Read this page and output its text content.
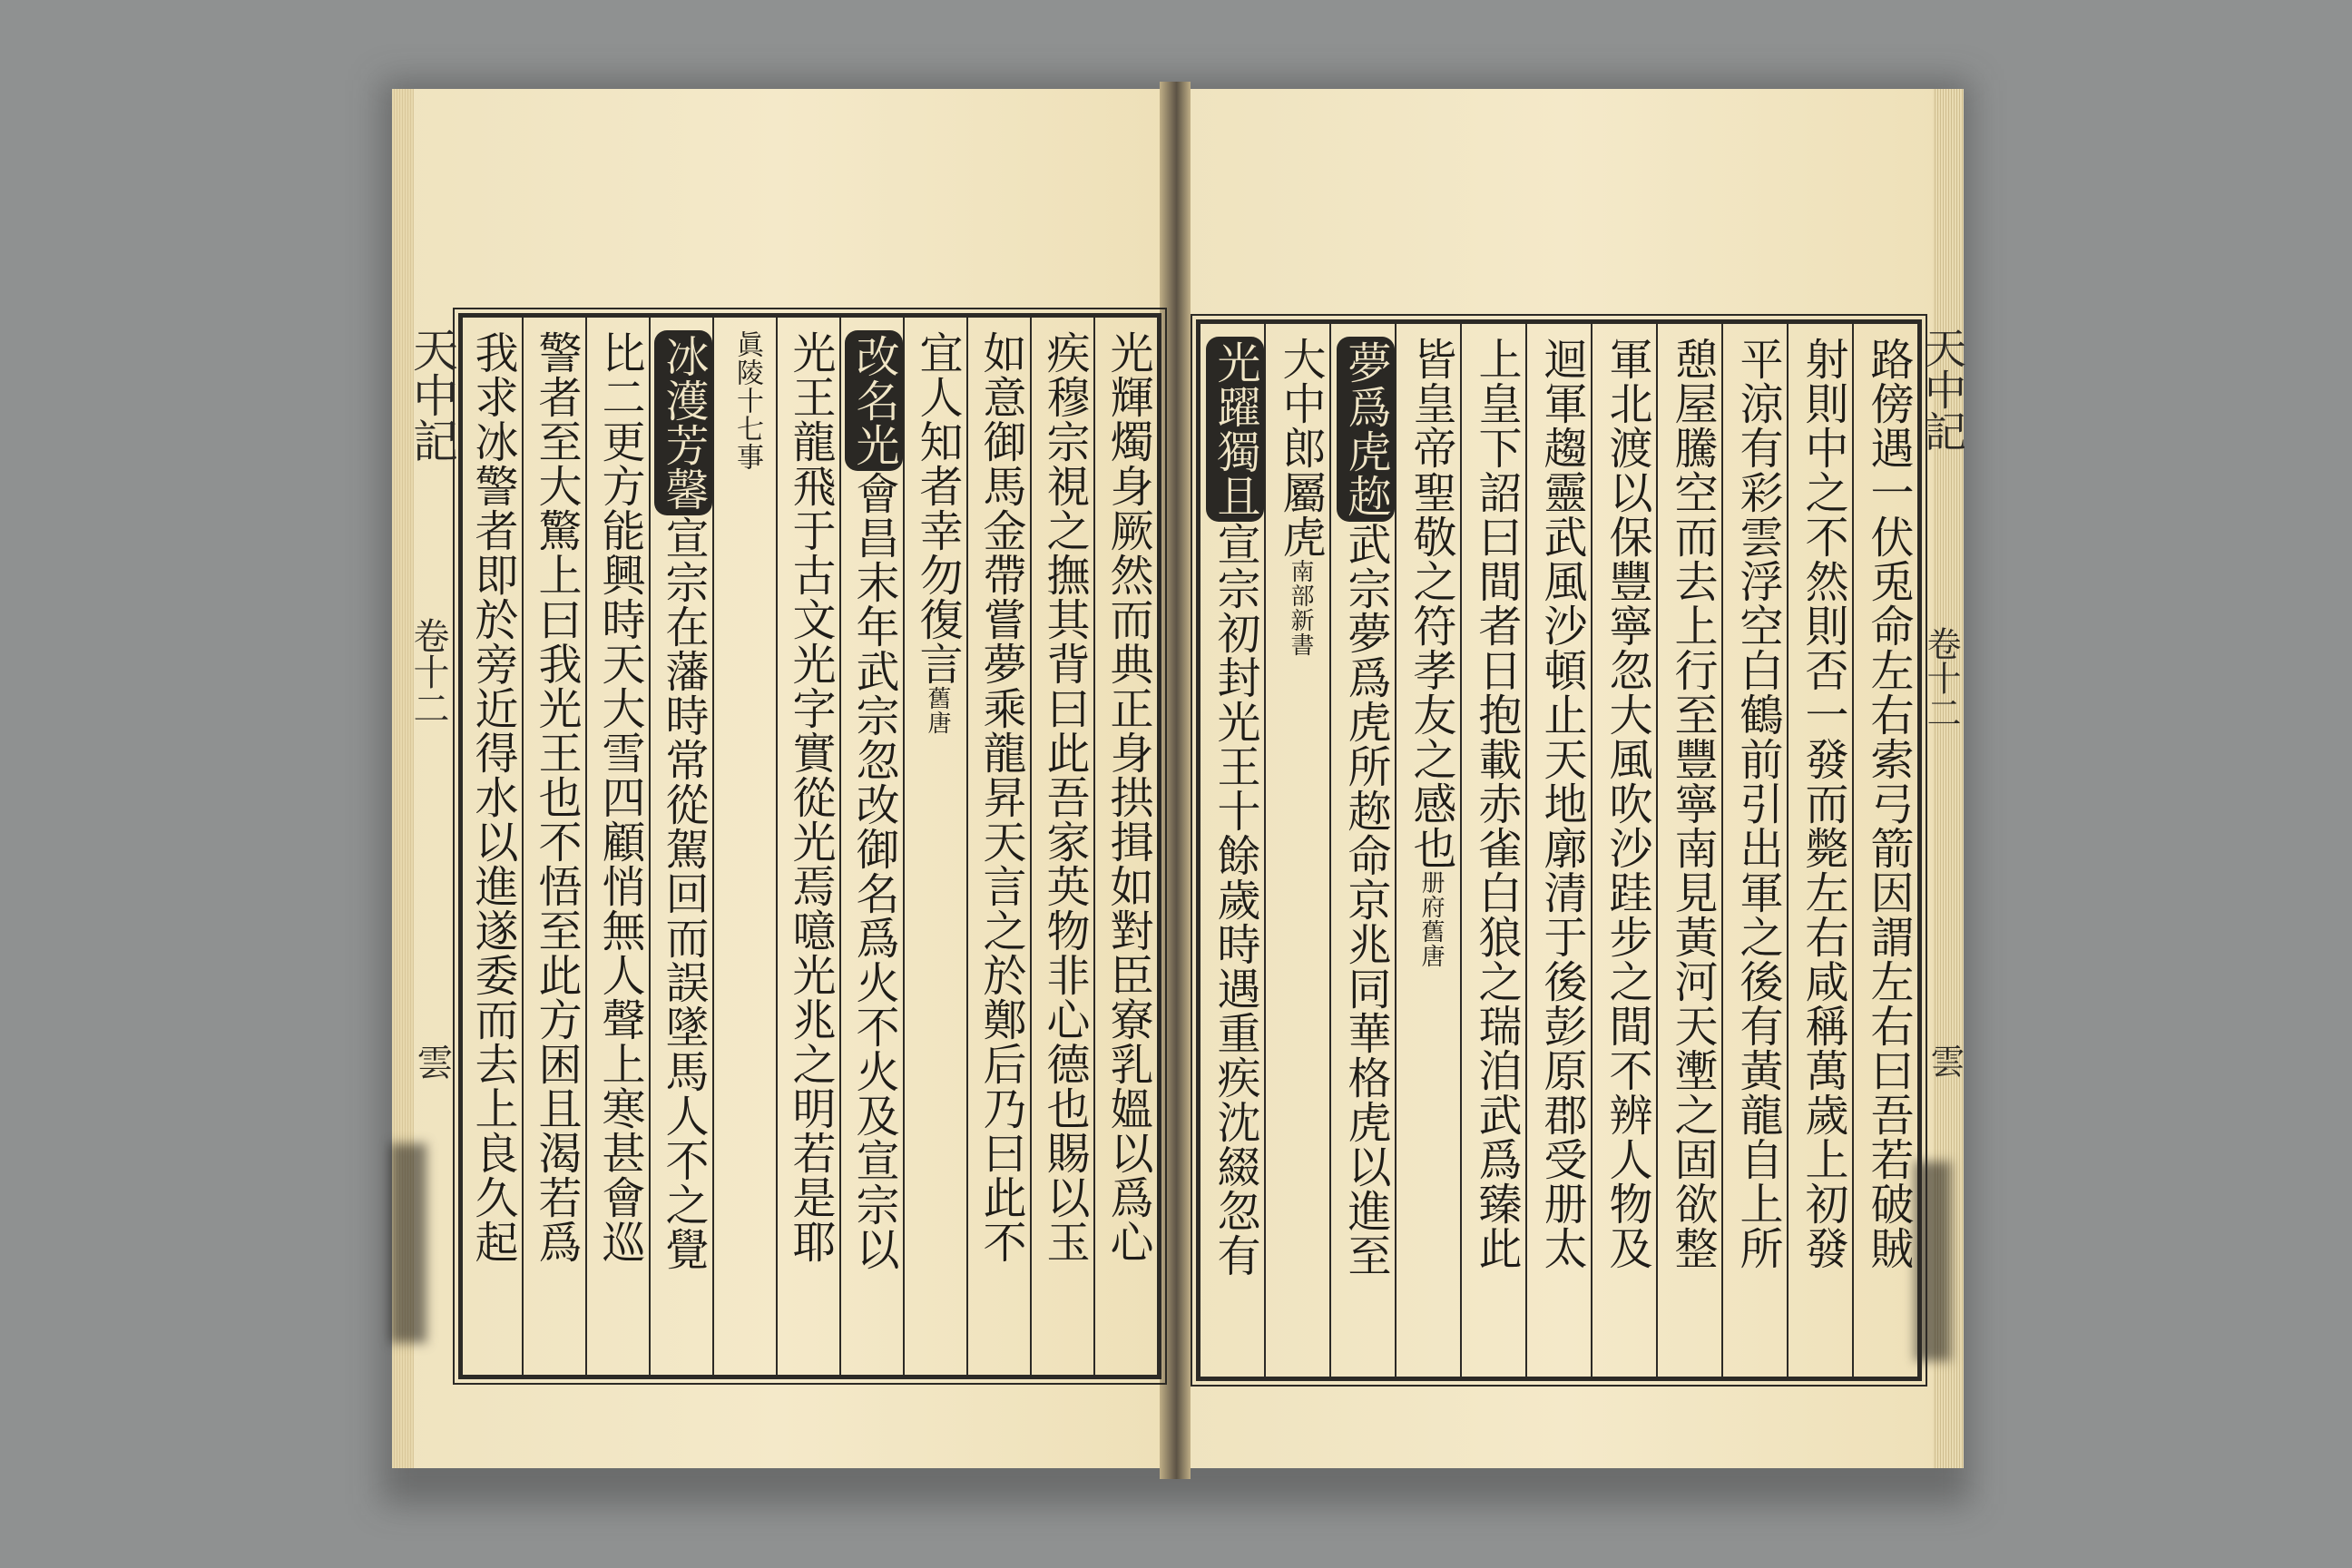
天中記
卷十二
雲
天中記
卷十二
雲
光輝燭身厥然而典正身拱揖如對臣寮乳媼以爲心
疾穆宗視之撫其背曰此吾家英物非心德也賜以玉
如意御馬金帶嘗夢乘龍昇天言之於鄭后乃曰此不
宜人知者幸勿復言舊唐
改名光會昌末年武宗忽改御名爲火不火及宣宗以
光王龍飛于古文光字實從光焉噫光兆之明若是耶
眞陵十七事
冰濩芳馨宣宗在藩時常從駕回而誤墜馬人不之覺
比二更方能興時天大雪四顧悄無人聲上寒甚會巡
警者至大驚上曰我光王也不悟至此方困且渴若爲
我求冰警者即於旁近得水以進遂委而去上良久起	路傍遇一伏兎命左右索弓箭因謂左右曰吾若破賊
射則中之不然則否一發而斃左右咸稱萬歲上初發
平涼有彩雲浮空白鶴前引出軍之後有黃龍自上所
憩屋騰空而去上行至豐寧南見黃河天壍之固欲整
軍北渡以保豐寧忽大風吹沙跬步之間不辨人物及
迴軍趨靈武風沙頓止天地廓清于後彭原郡受册太
上皇下詔曰間者日抱載赤雀白狼之瑞洎武爲臻此
皆皇帝聖敬之符孝友之感也册府舊唐
夢爲虎趂武宗夢爲虎所趂命京兆同華格虎以進至
大中郎屬虎南部新書
光躍獨且宣宗初封光王十餘歲時遇重疾沈綴忽有
